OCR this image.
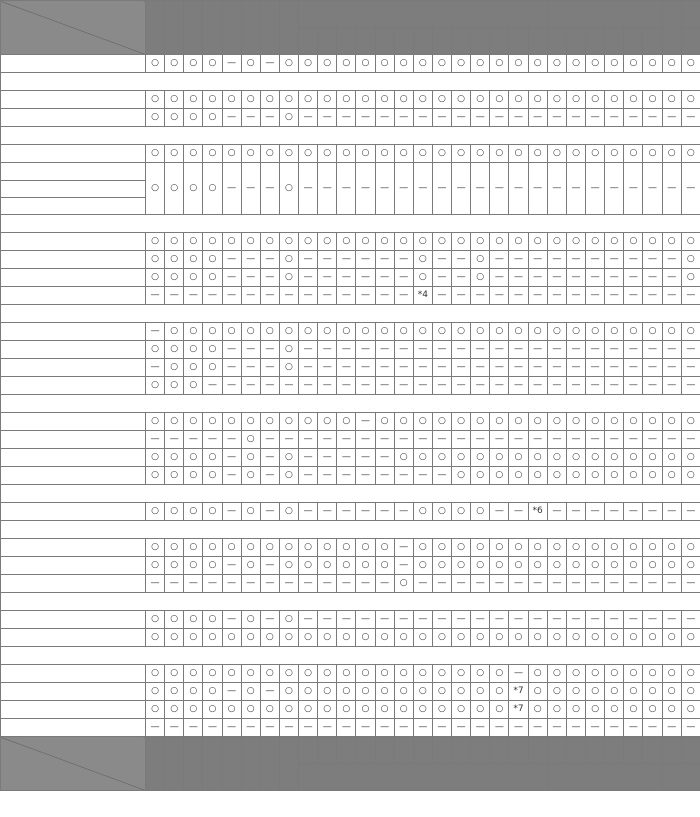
	○	○	○	○	—	○	—	○	○	○	○	○	○	○	○	○	○	○	○	○	○	○	○	○	○	○	○	○	○	

	○	○	○	○	○	○	○	○	○	○	○	○	○	○	○	○	○	○	○	○	○	○	○	○	○	○	○	○	○	
	○	○	○	○	—	—	—	○	—	—	—	—	—	—	—	—	—	—	—	—	—	—	—	—	—	—	—	—	—	

	○	○	○	○	○	○	○	○	○	○	○	○	○	○	○	○	○	○	○	○	○	○	○	○	○	○	○	○	○	
	○	○	○	○	—	—	—	○	—	—	—	—	—	—	—	—	—	—	—	—	—	—	—	—	—	—	—	—	—	

	○	○	○	○	○	○	○	○	○	○	○	○	○	○	○	○	○	○	○	○	○	○	○	○	○	○	○	○	○	
	○	○	○	○	—	—	—	○	—	—	—	—	—	—	○	—	—	○	—	—	—	—	—	—	—	—	—	—	○	
	○	○	○	○	—	—	—	○	—	—	—	—	—	—	○	—	—	○	—	—	—	—	—	—	—	—	—	—	○	
	—	—	—	—	—	—	—	—	—	—	—	—	—	—	*4	—	—	—	—	—	—	—	—	—	—	—	—	—	—	

	—	○	○	○	○	○	○	○	○	○	○	○	○	○	○	○	○	○	○	○	○	○	○	○	○	○	○	○	○	
	○	○	○	○	—	—	—	○	—	—	—	—	—	—	—	—	—	—	—	—	—	—	—	—	—	—	—	—	—	
	—	○	○	○	—	—	—	○	—	—	—	—	—	—	—	—	—	—	—	—	—	—	—	—	—	—	—	—	—	
	○	○	○	—	—	—	—	—	—	—	—	—	—	—	—	—	—	—	—	—	—	—	—	—	—	—	—	—	—	

	○	○	○	○	○	○	○	○	○	○	○	—	○	○	○	○	○	○	○	○	○	○	○	○	○	○	○	○	○	
	—	—	—	—	—	○	—	—	—	—	—	—	—	—	—	—	—	—	—	—	—	—	—	—	—	—	—	—	—	
	○	○	○	○	—	○	—	○	—	—	—	—	—	○	○	○	○	○	○	○	○	○	○	○	○	○	○	○	○	
	○	○	○	○	—	○	—	○	—	—	—	—	—	—	—	—	○	○	○	○	○	○	○	○	○	○	○	○	○	

	○	○	○	○	—	○	—	○	—	—	—	—	—	—	○	○	○	○	—	—	*6	—	—	—	—	—	—	—	—	

	○	○	○	○	○	○	○	○	○	○	○	○	○	—	○	○	○	○	○	○	○	○	○	○	○	○	○	○	○	
	○	○	○	○	—	○	—	○	○	○	○	○	○	—	○	○	○	○	○	○	○	○	○	○	○	○	○	○	○	
	—	—	—	—	—	—	—	—	—	—	—	—	—	○	—	—	—	—	—	—	—	—	—	—	—	—	—	—	—	

	○	○	○	○	—	○	—	○	—	—	—	—	—	—	—	—	—	—	—	—	—	—	—	—	—	—	—	—	—	
	○	○	○	○	○	○	○	○	○	○	○	○	○	○	○	○	○	○	○	○	○	○	○	○	○	○	○	○	○	

	○	○	○	○	○	○	○	○	○	○	○	○	○	○	○	○	○	○	○	—	○	○	○	○	○	○	○	○	○	
	○	○	○	○	—	○	—	○	○	○	○	○	○	○	○	○	○	○	○	*7	○	○	○	○	○	○	○	○	○	
	○	○	○	○	○	○	○	○	○	○	○	○	○	○	○	○	○	○	○	*7	○	○	○	○	○	○	○	○	○	
	—	—	—	—	—	—	—	—	—	—	—	—	—	—	—	—	—	—	—	—	—	—	—	—	—	—	—	—	—	
